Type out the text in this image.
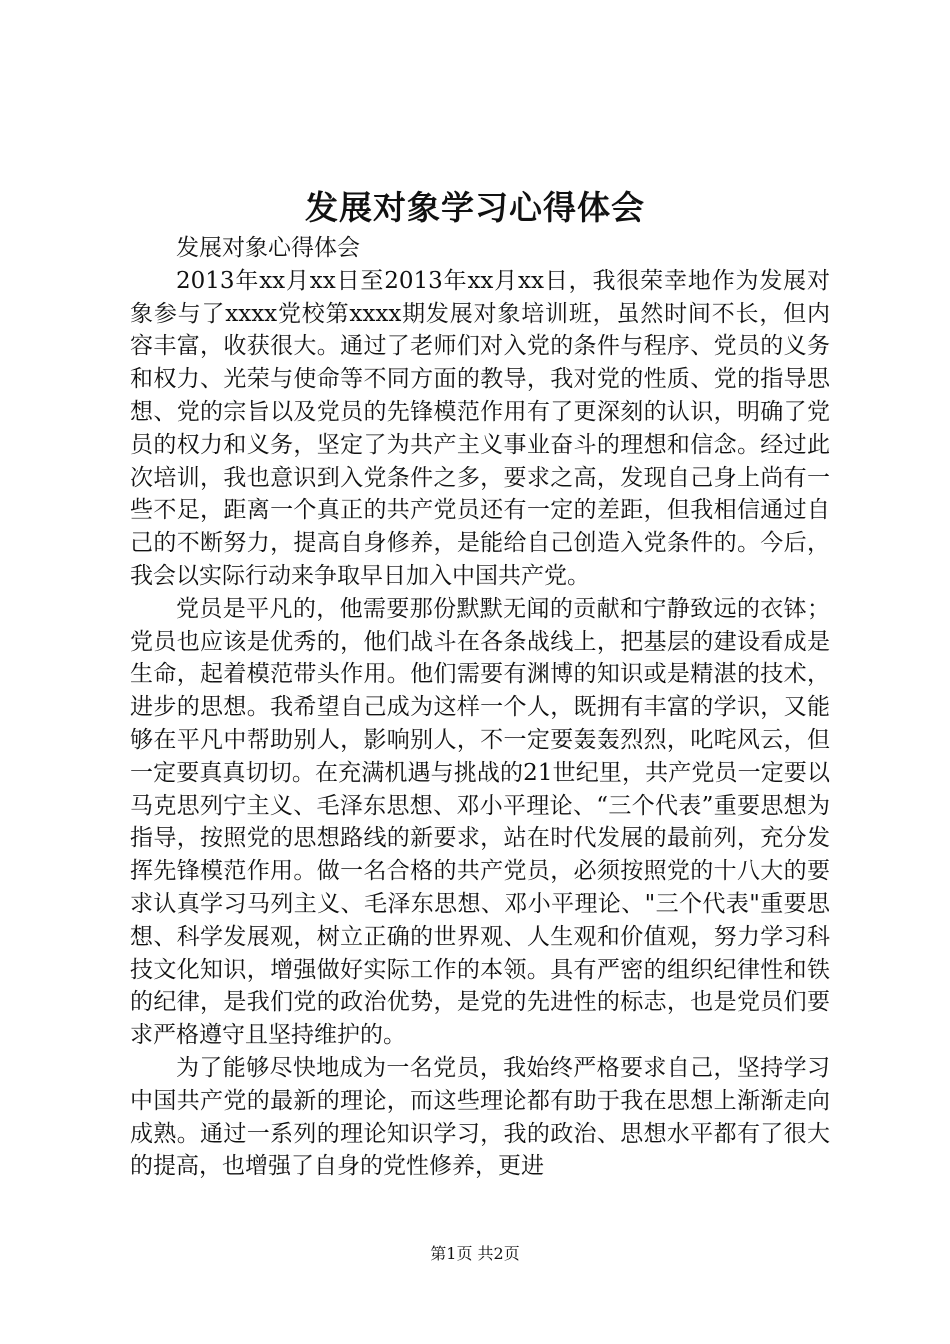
发展对象学习心得体会

发展对象心得体会

2013年xx月xx日至2013年xx月xx日，我很荣幸地作为发展对象参与了xxxx党校第xxxx期发展对象培训班，虽然时间不长，但内容丰富，收获很大。通过了老师们对入党的条件与程序、党员的义务和权力、光荣与使命等不同方面的教导，我对党的性质、党的指导思想、党的宗旨以及党员的先锋模范作用有了更深刻的认识，明确了党员的权力和义务，坚定了为共产主义事业奋斗的理想和信念。经过此次培训，我也意识到入党条件之多，要求之高，发现自己身上尚有一些不足，距离一个真正的共产党员还有一定的差距，但我相信通过自己的不断努力，提高自身修养，是能给自己创造入党条件的。今后，我会以实际行动来争取早日加入中国共产党。

党员是平凡的，他需要那份默默无闻的贡献和宁静致远的衣钵；党员也应该是优秀的，他们战斗在各条战线上，把基层的建设看成是生命，起着模范带头作用。他们需要有渊博的知识或是精湛的技术，进步的思想。我希望自己成为这样一个人，既拥有丰富的学识，又能够在平凡中帮助别人，影响别人，不一定要轰轰烈烈，叱咤风云，但一定要真真切切。在充满机遇与挑战的21世纪里，共产党员一定要以马克思列宁主义、毛泽东思想、邓小平理论、“三个代表”重要思想为指导，按照党的思想路线的新要求，站在时代发展的最前列，充分发挥先锋模范作用。做一名合格的共产党员，必须按照党的十八大的要求认真学习马列主义、毛泽东思想、邓小平理论、"三个代表"重要思想、科学发展观，树立正确的世界观、人生观和价值观，努力学习科技文化知识，增强做好实际工作的本领。具有严密的组织纪律性和铁的纪律，是我们党的政治优势，是党的先进性的标志，也是党员们要求严格遵守且坚持维护的。

为了能够尽快地成为一名党员，我始终严格要求自己，坚持学习中国共产党的最新的理论，而这些理论都有助于我在思想上渐渐走向成熟。通过一系列的理论知识学习，我的政治、思想水平都有了很大的提高，也增强了自身的党性修养，更进

第1页 共2页
